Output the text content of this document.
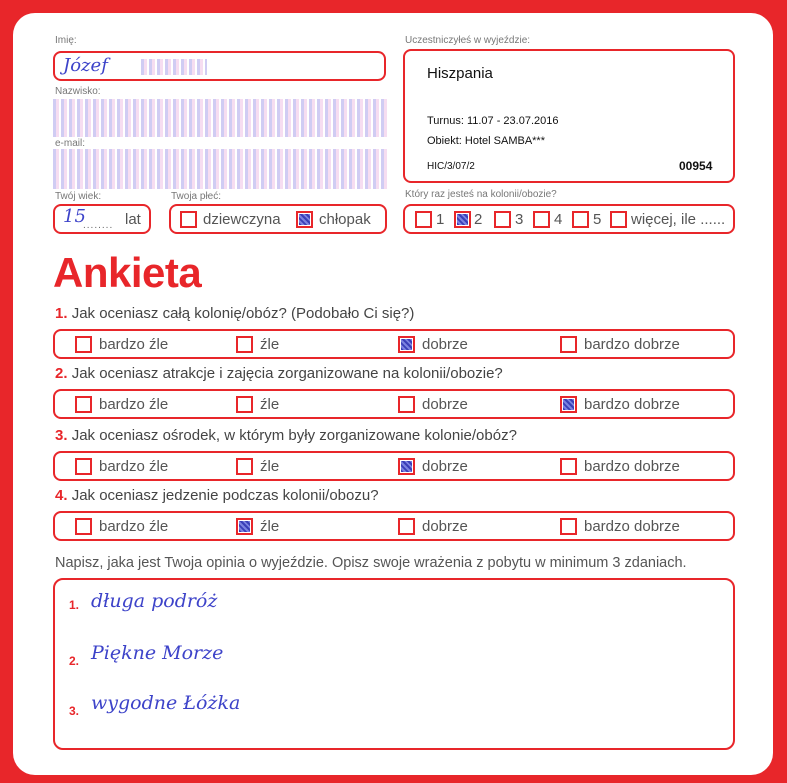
Imię:
Józef
Nazwisko:
e-mail:
Twój wiek:
15
........ lat
Twoja płeć:
dziewczyna	chłopak
Uczestniczyłeś w wyjeździe:
Hiszpania
Turnus: 11.07 - 23.07.2016
Obiekt: Hotel SAMBA***
HIC/3/07/2	00954
Który raz jesteś na kolonii/obozie?
1 2 3 4 5 więcej, ile ......
Ankieta
Napisz, jaka jest Twoja opinia o wyjeździe. Opisz swoje wrażenia z pobytu w minimum 3 zdaniach.
1. długa podróż
2. Piękne Morze
3. wygodne Łóżka
1. Jak oceniasz całą kolonię/obóz? (Podobało Ci się?)
bardzo źle	źle	dobrze	bardzo dobrze
2. Jak oceniasz atrakcje i zajęcia zorganizowane na kolonii/obozie?
bardzo źle	źle	dobrze	bardzo dobrze
3. Jak oceniasz ośrodek, w którym były zorganizowane kolonie/obóz?
bardzo źle	źle	dobrze	bardzo dobrze
4. Jak oceniasz jedzenie podczas kolonii/obozu?
bardzo źle	źle	dobrze	bardzo dobrze
